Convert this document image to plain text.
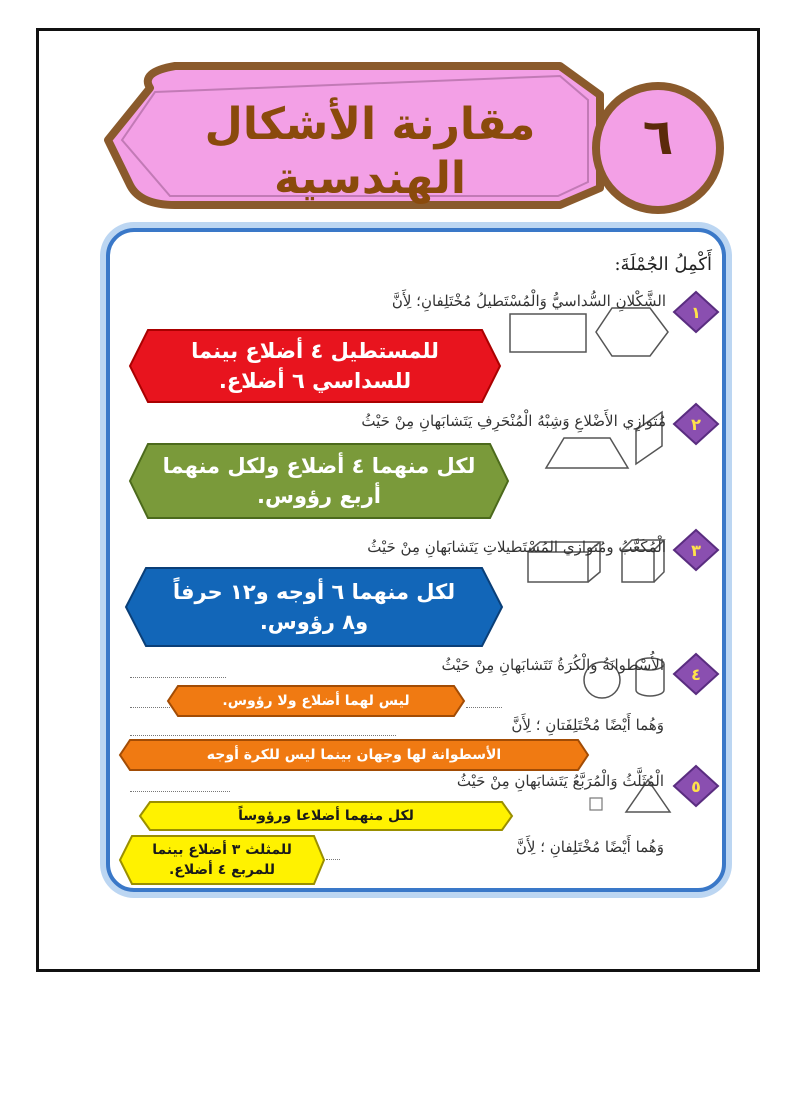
مقارنة الأشكال
الهندسية
٦
أَكْمِلُ الجُمْلَةَ:
١
٢
٣
٤
٥
الشَّكْلانِ السُّداسيُّ وَالْمُسْتَطيلُ مُخْتَلِفانِ؛ لِأَنَّ
للمستطيل ٤ أضلاع بينما
للسداسي ٦ أضلاع.
مُتوازِي الأَضْلاعِ وَشِبْهُ الْمُنْحَرِفِ يَتَشابَهانِ مِنْ حَيْثُ
لكل منهما ٤ أضلاع ولكل منهما
أربع رؤوس.
الْمُكَعَّبُ ومُتوازي المُسْتَطيلاتِ يَتَشابَهانِ مِنْ حَيْثُ
لكل منهما ٦ أوجه و١٢ حرفاً
و٨ رؤوس.
الأُسْطوانَةُ وَالْكُرَةُ تَتَشابَهانِ مِنْ حَيْثُ
ليس لهما أضلاع ولا رؤوس.
وَهُما أَيْضًا مُخْتَلِفَتانِ ؛ لِأَنَّ
الأسطوانة لها وجهان بينما ليس للكرة أوجه
الْمُثَلَّثُ وَالْمُرَبَّعُ يَتَشابَهانِ مِنْ حَيْثُ
لكل منهما أضلاعا ورؤوساً
وَهُما أَيْضًا مُخْتَلِفانِ ؛ لِأَنَّ
للمثلث ٣ أضلاع بينما
للمربع ٤ أضلاع.
